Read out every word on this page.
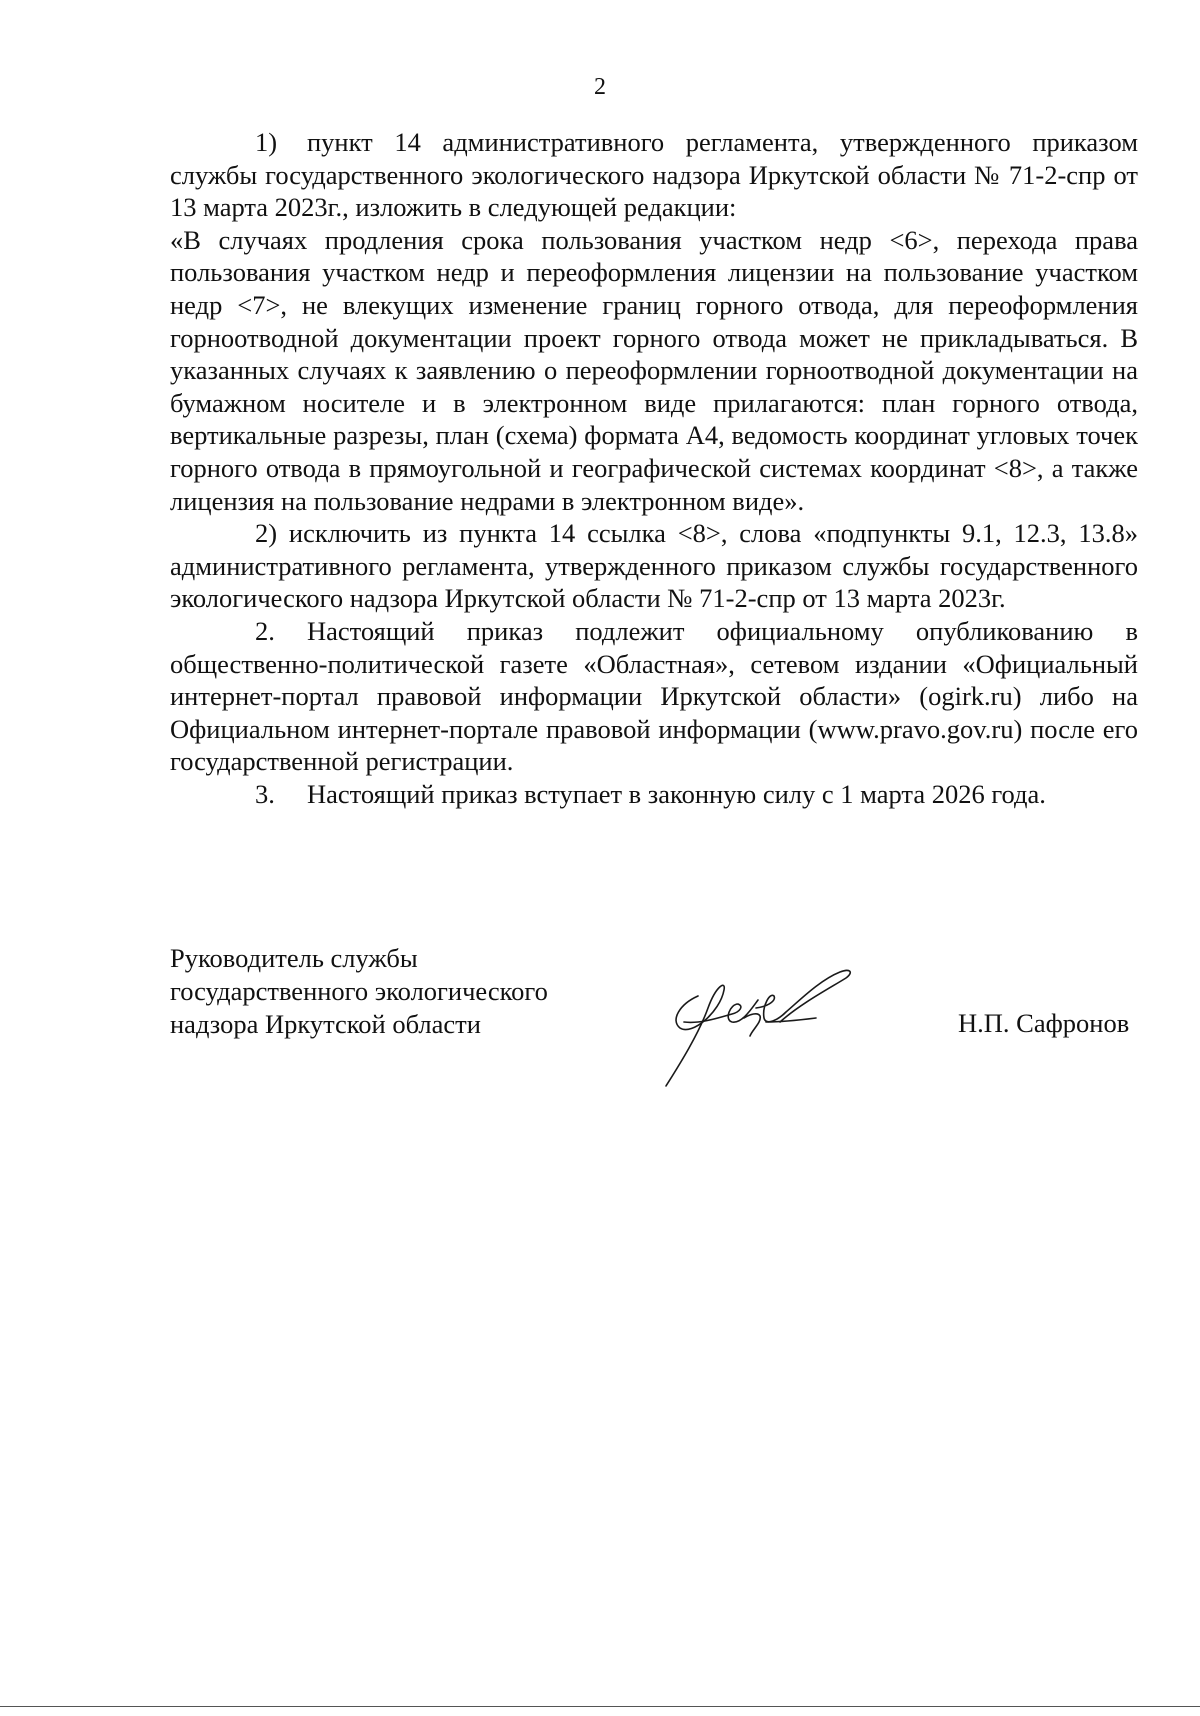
2

1) пункт 14 административного регламента, утвержденного приказом службы государственного экологического надзора Иркутской области № 71-2-спр от 13 марта 2023г., изложить в следующей редакции:

«В случаях продления срока пользования участком недр <6>, перехода права пользования участком недр и переоформления лицензии на пользование участком недр <7>, не влекущих изменение границ горного отвода, для переоформления горноотводной документации проект горного отвода может не прикладываться. В указанных случаях к заявлению о переоформлении горноотводной документации на бумажном носителе и в электронном виде прилагаются: план горного отвода, вертикальные разрезы, план (схема) формата А4, ведомость координат угловых точек горного отвода в прямоугольной и географической системах координат <8>, а также лицензия на пользование недрами в электронном виде».

2) исключить из пункта 14 ссылка <8>, слова «подпункты 9.1, 12.3, 13.8» административного регламента, утвержденного приказом службы государственного экологического надзора Иркутской области № 71-2-спр от 13 марта 2023г.

2. Настоящий приказ подлежит официальному опубликованию в общественно-политической газете «Областная», сетевом издании «Официальный интернет-портал правовой информации Иркутской области» (ogirk.ru) либо на Официальном интернет-портале правовой информации (www.pravo.gov.ru) после его государственной регистрации.

3. Настоящий приказ вступает в законную силу с 1 марта 2026 года.

Руководитель службы
государственного экологического
надзора Иркутской области	Н.П. Сафронов
